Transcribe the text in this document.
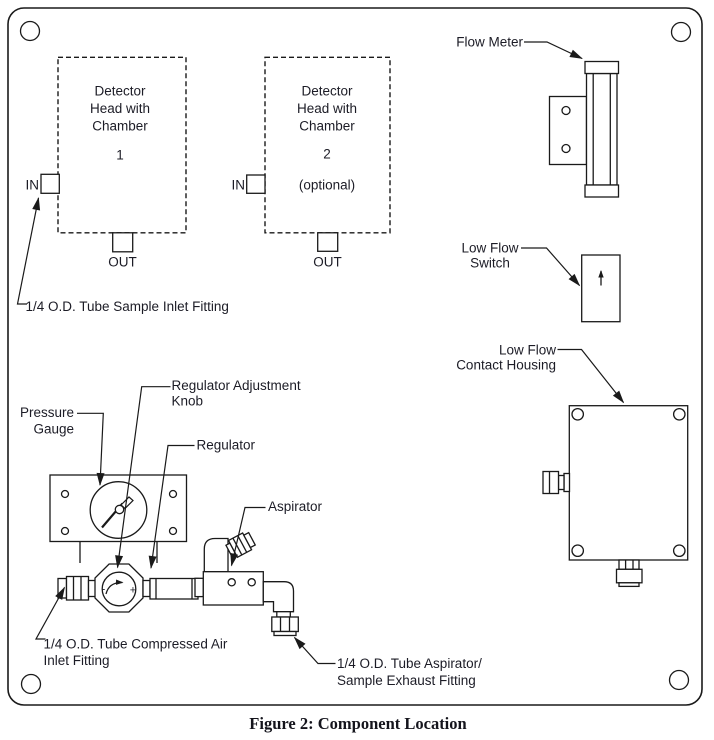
IN
OUT
Detector
Head with
Chamber
1
IN
OUT
Detector
Head with
Chamber
2
(optional)
1/4 O.D. Tube Sample Inlet Fitting
Flow Meter
Low Flow
Switch
Low Flow
Contact Housing
- +
Pressure
Gauge
Regulator Adjustment
Knob
Regulator
Aspirator
1/4 O.D. Tube Compressed Air
Inlet Fitting	1/4 O.D. Tube Aspirator/
Sample Exhaust Fitting
Figure 2: Component Location
